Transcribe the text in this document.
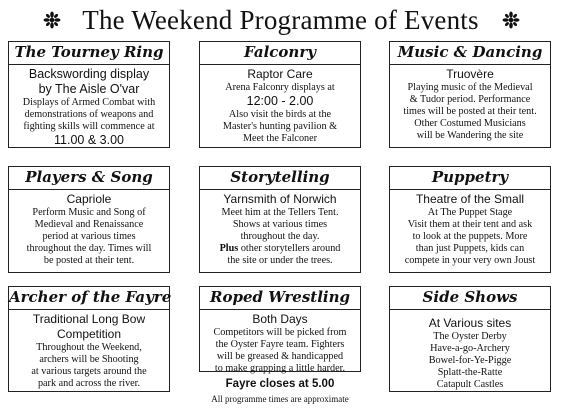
The Weekend Programme of Events
The Tourney Ring
Backswording display
by The Aisle O'var
Displays of Armed Combat with
demonstrations of weapons and
fighting skills will commence at
11.00 & 3.00
Falconry
Raptor Care
Arena Falconry displays at
12:00 - 2.00
Also visit the birds at the
Master's hunting pavilion &
Meet the Falconer
Music & Dancing
Truovère
Playing music of the Medieval
& Tudor period. Performance
times will be posted at their tent.
Other Costumed Musicians
will be Wandering the site
Players & Song
Capriole
Perform Music and Song of
Medieval and Renaissance
period at various times
throughout the day. Times will
be posted at their tent.
Storytelling
Yarnsmith of Norwich
Meet him at the Tellers Tent.
Shows at various times
throughout the day.
Plus other storytellers around
the site or under the trees.
Puppetry
Theatre of the Small
At The Puppet Stage
Visit them at their tent and ask
to look at the puppets. More
than just Puppets, kids can
compete in your very own Joust
Archer of the Fayre
Traditional Long Bow
Competition
Throughout the Weekend,
archers will be Shooting
at various targets around the
park and across the river.
Roped Wrestling
Both Days
Competitors will be picked from
the Oyster Fayre team. Fighters
will be greased & handicapped
to make grapping a little harder.
Side Shows
At Various sites
The Oyster Derby
Have-a-go-Archery
Bowel-for-Ye-Pigge
Splatt-the-Ratte
Catapult Castles
Fayre closes at 5.00
All programme times are approximate
